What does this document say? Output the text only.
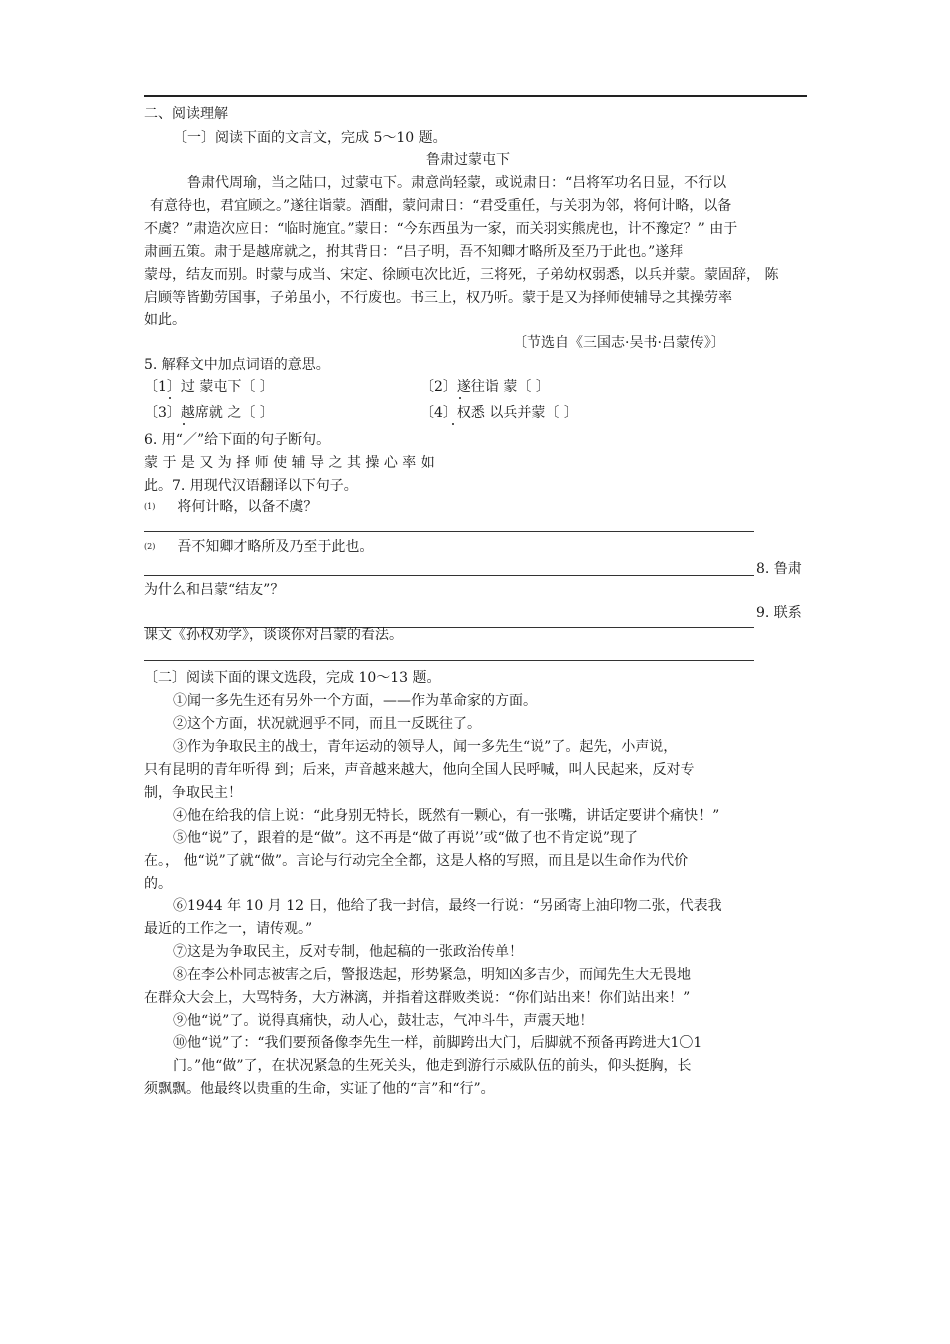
二、阅读理解
〔一〕阅读下面的文言文，完成 5～10 题。
鲁肃过蒙屯下
鲁肃代周瑜，当之陆口，过蒙屯下。肃意尚轻蒙，或说肃日：“吕将军功名日显，不行以
有意待也，君宜顾之。”遂往诣蒙。酒酣，蒙问肃日：“君受重任，与关羽为邻，将何计略，以备
不虞？”肃造次应日：“临时施宜。”蒙日：“今东西虽为一家，而关羽实熊虎也，计不豫定？” 由于
肃画五策。肃于是越席就之，拊其背日：“吕子明，吾不知卿才略所及至乃于此也。”遂拜
蒙母，结友而别。时蒙与成当、宋定、徐顾屯次比近，三将死，子弟幼权弱悉，以兵并蒙。蒙固辞， 陈
启顾等皆勤劳国事，子弟虽小，不行废也。书三上，权乃听。蒙于是又为择师使辅导之其操劳率
如此。
〔节选自《三国志·吴书·吕蒙传》〕
5. 解释文中加点词语的意思。
〔1〕过 蒙屯下〔 〕	〔2〕遂往诣 蒙〔 〕
〔3〕越席就 之〔 〕	〔4〕权悉 以兵并蒙〔 〕
6. 用“／”给下面的句子断句。
蒙 于 是 又 为 择 师 使 辅 导 之 其 操 心 率 如
此。7. 用现代汉语翻译以下句子。
(1) 将何计略，以备不虞？
(2) 吾不知卿才略所及乃至于此也。
8. 鲁肃
为什么和吕蒙“结友”？
9. 联系
课文《孙权劝学》，谈谈你对吕蒙的看法。
〔二〕阅读下面的课文选段，完成 10～13 题。
①闻一多先生还有另外一个方面，——作为革命家的方面。
②这个方面，状况就迥乎不同，而且一反既往了。
③作为争取民主的战士，青年运动的领导人，闻一多先生“说”了。起先，小声说，
只有昆明的青年听得 到；后来，声音越来越大，他向全国人民呼喊，叫人民起来，反对专
制，争取民主！
④他在给我的信上说：“此身别无特长，既然有一颗心，有一张嘴，讲话定要讲个痛快！”
⑤他“说”了，跟着的是“做”。这不再是“做了再说’’或“做了也不肯定说”现了
在。， 他“说”了就“做”。言论与行动完全全都，这是人格的写照，而且是以生命作为代价
的。
⑥1944 年 10 月 12 日，他给了我一封信，最终一行说：“另函寄上油印物二张，代表我
最近的工作之一，请传观。”
⑦这是为争取民主，反对专制，他起稿的一张政治传单！
⑧在李公朴同志被害之后，警报迭起，形势紧急，明知凶多吉少，而闻先生大无畏地
在群众大会上，大骂特务，大方淋漓，并指着这群败类说：“你们站出来！你们站出来！”
⑨他“说”了。说得真痛快，动人心，鼓壮志，气冲斗牛，声震天地！
⑩他“说”了：“我们要预备像李先生一样，前脚跨出大门，后脚就不预备再跨进大1〇1
门。”他“做”了，在状况紧急的生死关头，他走到游行示威队伍的前头，仰头挺胸，长
须飘飘。他最终以贵重的生命，实证了他的“言”和“行”。
